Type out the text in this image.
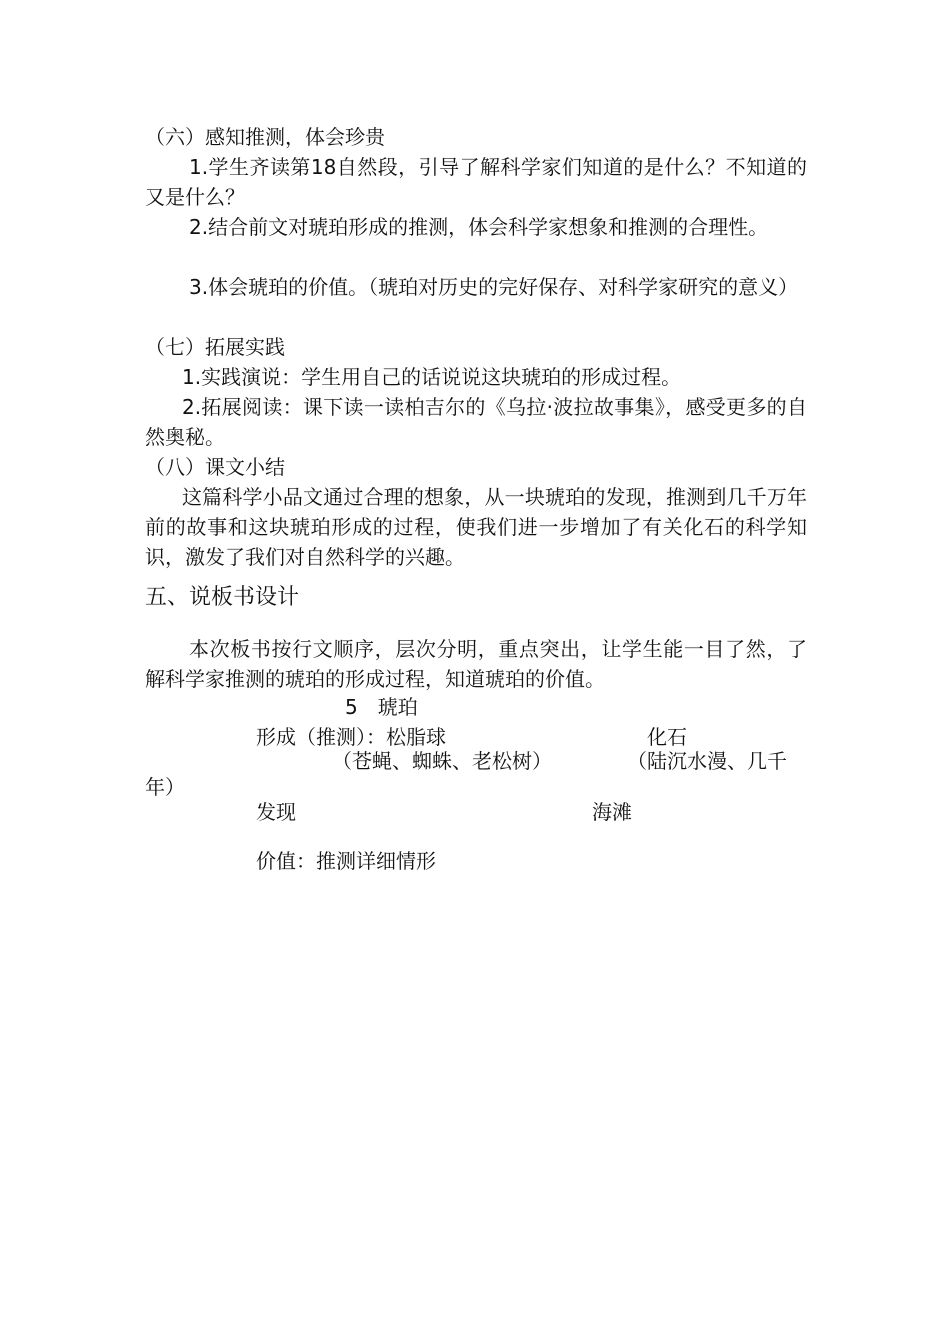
（六）感知推测，体会珍贵
1.学生齐读第18自然段，引导了解科学家们知道的是什么？不知道的又是什么？
2.结合前文对琥珀形成的推测，体会科学家想象和推测的合理性。
3.体会琥珀的价值。（琥珀对历史的完好保存、对科学家研究的意义）
（七）拓展实践
1.实践演说：学生用自己的话说说这块琥珀的形成过程。
2.拓展阅读：课下读一读柏吉尔的《乌拉·波拉故事集》，感受更多的自然奥秘。
（八）课文小结
这篇科学小品文通过合理的想象，从一块琥珀的发现，推测到几千万年前的故事和这块琥珀形成的过程，使我们进一步增加了有关化石的科学知识，激发了我们对自然科学的兴趣。
五、说板书设计
本次板书按行文顺序，层次分明，重点突出，让学生能一目了然，了解科学家推测的琥珀的形成过程，知道琥珀的价值。
5　琥珀
形成（推测）：松脂球	化石
（苍蝇、蜘蛛、老松树）	（陆沉水漫、几千
年）
发现	海滩
价值：推测详细情形
